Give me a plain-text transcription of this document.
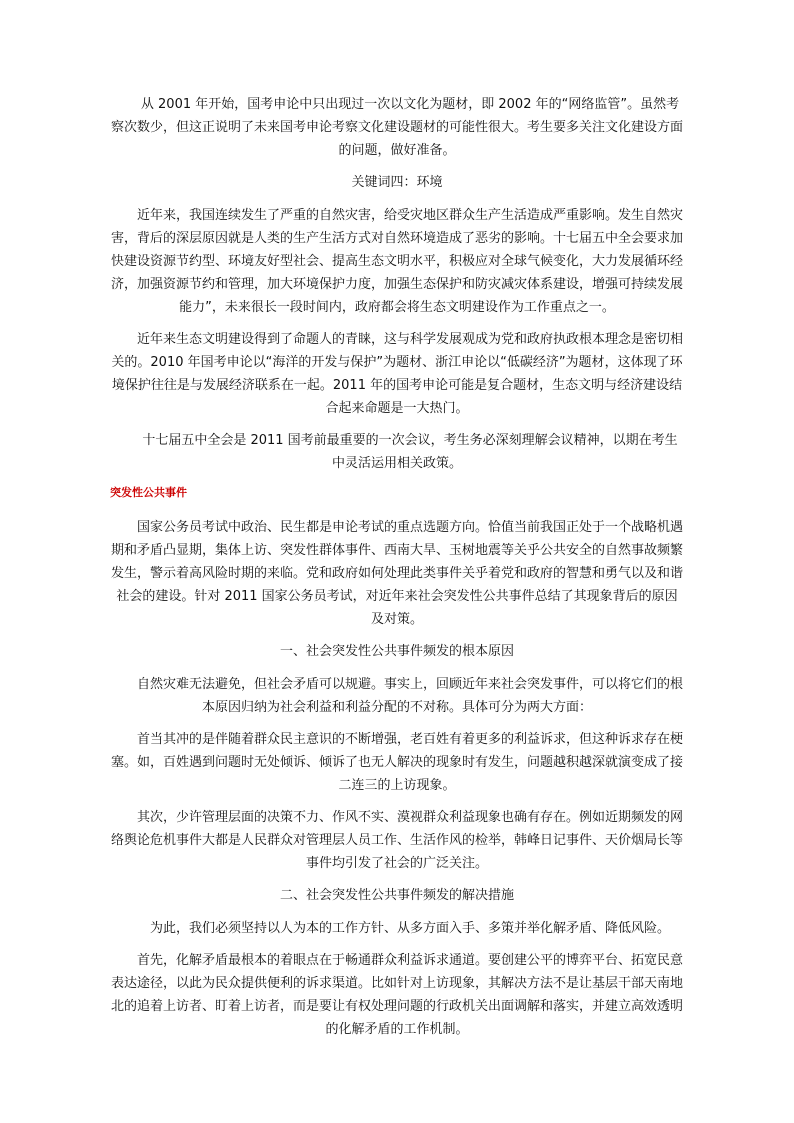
从 2001 年开始，国考申论中只出现过一次以文化为题材，即 2002 年的“网络监管”。虽然考察次数少，但这正说明了未来国考申论考察文化建设题材的可能性很大。考生要多关注文化建设方面的问题，做好准备。

关键词四：环境

近年来，我国连续发生了严重的自然灾害，给受灾地区群众生产生活造成严重影响。发生自然灾害，背后的深层原因就是人类的生产生活方式对自然环境造成了恶劣的影响。十七届五中全会要求加快建设资源节约型、环境友好型社会、提高生态文明水平，积极应对全球气候变化，大力发展循环经济，加强资源节约和管理，加大环境保护力度，加强生态保护和防灾减灾体系建设，增强可持续发展能力”，未来很长一段时间内，政府都会将生态文明建设作为工作重点之一。

近年来生态文明建设得到了命题人的青睐，这与科学发展观成为党和政府执政根本理念是密切相关的。2010 年国考申论以“海洋的开发与保护”为题材、浙江申论以“低碳经济”为题材，这体现了环境保护往往是与发展经济联系在一起。2011 年的国考申论可能是复合题材，生态文明与经济建设结合起来命题是一大热门。

十七届五中全会是 2011 国考前最重要的一次会议，考生务必深刻理解会议精神，以期在考生中灵活运用相关政策。

突发性公共事件

国家公务员考试中政治、民生都是申论考试的重点选题方向。恰值当前我国正处于一个战略机遇期和矛盾凸显期，集体上访、突发性群体事件、西南大旱、玉树地震等关乎公共安全的自然事故频繁发生，警示着高风险时期的来临。党和政府如何处理此类事件关乎着党和政府的智慧和勇气以及和谐社会的建设。针对 2011 国家公务员考试，对近年来社会突发性公共事件总结了其现象背后的原因及对策。

一、社会突发性公共事件频发的根本原因

自然灾难无法避免，但社会矛盾可以规避。事实上，回顾近年来社会突发事件，可以将它们的根本原因归纳为社会利益和利益分配的不对称。具体可分为两大方面：

首当其冲的是伴随着群众民主意识的不断增强，老百姓有着更多的利益诉求，但这种诉求存在梗塞。如，百姓遇到问题时无处倾诉、倾诉了也无人解决的现象时有发生，问题越积越深就演变成了接二连三的上访现象。

其次，少许管理层面的决策不力、作风不实、漠视群众利益现象也确有存在。例如近期频发的网络舆论危机事件大都是人民群众对管理层人员工作、生活作风的检举，韩峰日记事件、天价烟局长等事件均引发了社会的广泛关注。

二、社会突发性公共事件频发的解决措施

为此，我们必须坚持以人为本的工作方针、从多方面入手、多策并举化解矛盾、降低风险。

首先，化解矛盾最根本的着眼点在于畅通群众利益诉求通道。要创建公平的博弈平台、拓宽民意表达途径，以此为民众提供便利的诉求渠道。比如针对上访现象，其解决方法不是让基层干部天南地北的追着上访者、盯着上访者，而是要让有权处理问题的行政机关出面调解和落实，并建立高效透明的化解矛盾的工作机制。
